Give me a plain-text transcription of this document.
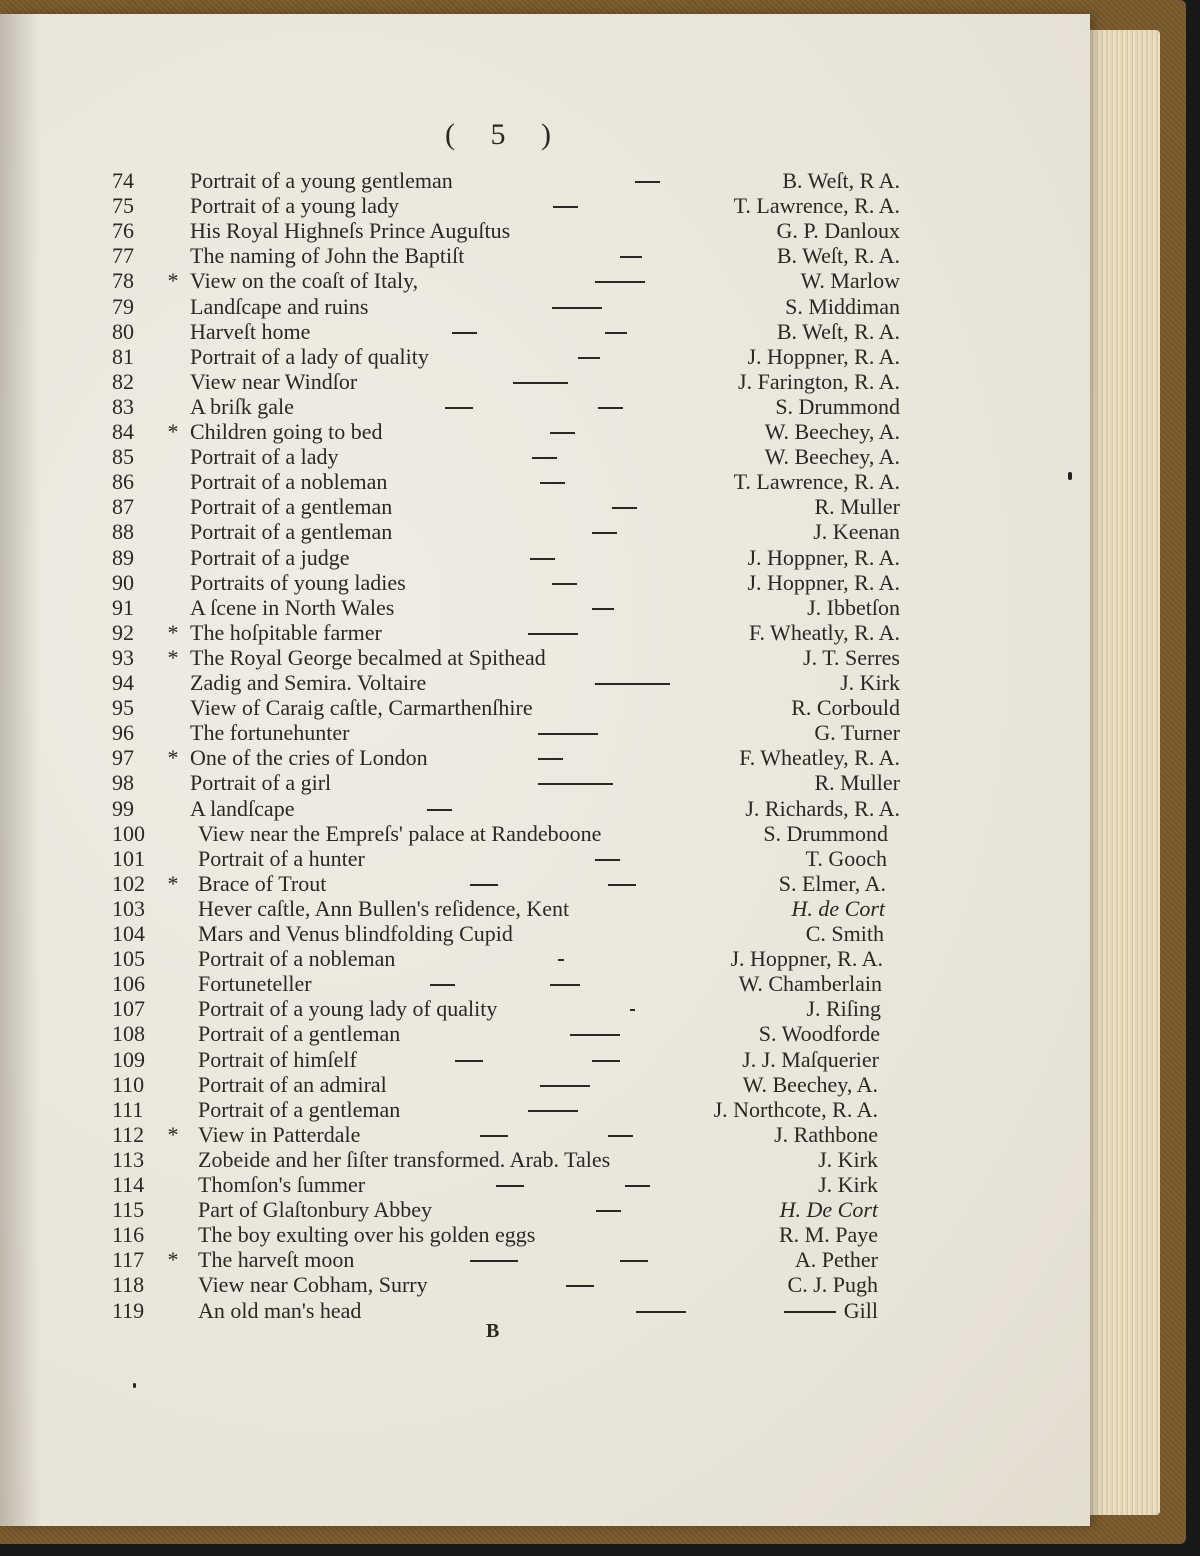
( 5 )
74	Portrait of a young gentleman	B. Weſt, R A.
75	Portrait of a young lady	T. Lawrence, R. A.
76	His Royal Highneſs Prince Auguſtus	G. P. Danloux
77	The naming of John the Baptiſt	B. Weſt, R. A.
78	* View on the coaſt of Italy,	W. Marlow
79	Landſcape and ruins	S. Middiman
80	Harveſt home	B. Weſt, R. A.
81	Portrait of a lady of quality	J. Hoppner, R. A.
82	View near Windſor	J. Farington, R. A.
83	A briſk gale	S. Drummond
84	* Children going to bed	W. Beechey, A.
85	Portrait of a lady	W. Beechey, A.
86	Portrait of a nobleman	T. Lawrence, R. A.
87	Portrait of a gentleman	R. Muller
88	Portrait of a gentleman	J. Keenan
89	Portrait of a judge	J. Hoppner, R. A.
90	Portraits of young ladies	J. Hoppner, R. A.
91	A ſcene in North Wales	J. Ibbetſon
92	* The hoſpitable farmer	F. Wheatly, R. A.
93	* The Royal George becalmed at Spithead	J. T. Serres
94	Zadig and Semira. Voltaire	J. Kirk
95	View of Caraig caſtle, Carmarthenſhire	R. Corbould
96	The fortunehunter	G. Turner
97	* One of the cries of London	F. Wheatley, R. A.
98	Portrait of a girl	R. Muller
99	A landſcape	J. Richards, R. A.
100	View near the Empreſs' palace at Randeboone	S. Drummond
101	Portrait of a hunter	T. Gooch
102	* Brace of Trout	S. Elmer, A.
103	Hever caſtle, Ann Bullen's reſidence, Kent	H. de Cort
104	Mars and Venus blindfolding Cupid	C. Smith
105	Portrait of a nobleman	J. Hoppner, R. A.
106	Fortuneteller	W. Chamberlain
107	Portrait of a young lady of quality	J. Riſing
108	Portrait of a gentleman	S. Woodforde
109	Portrait of himſelf	J. J. Maſquerier
110	Portrait of an admiral	W. Beechey, A.
111	Portrait of a gentleman	J. Northcote, R. A.
112	* View in Patterdale	J. Rathbone
113	Zobeide and her ſiſter transformed. Arab. Tales	J. Kirk
114	Thomſon's ſummer	J. Kirk
115	Part of Glaſtonbury Abbey	H. De Cort
116	The boy exulting over his golden eggs	R. M. Paye
117	* The harveſt moon	A. Pether
118	View near Cobham, Surry	C. J. Pugh
119	An old man's head	Gill
B
